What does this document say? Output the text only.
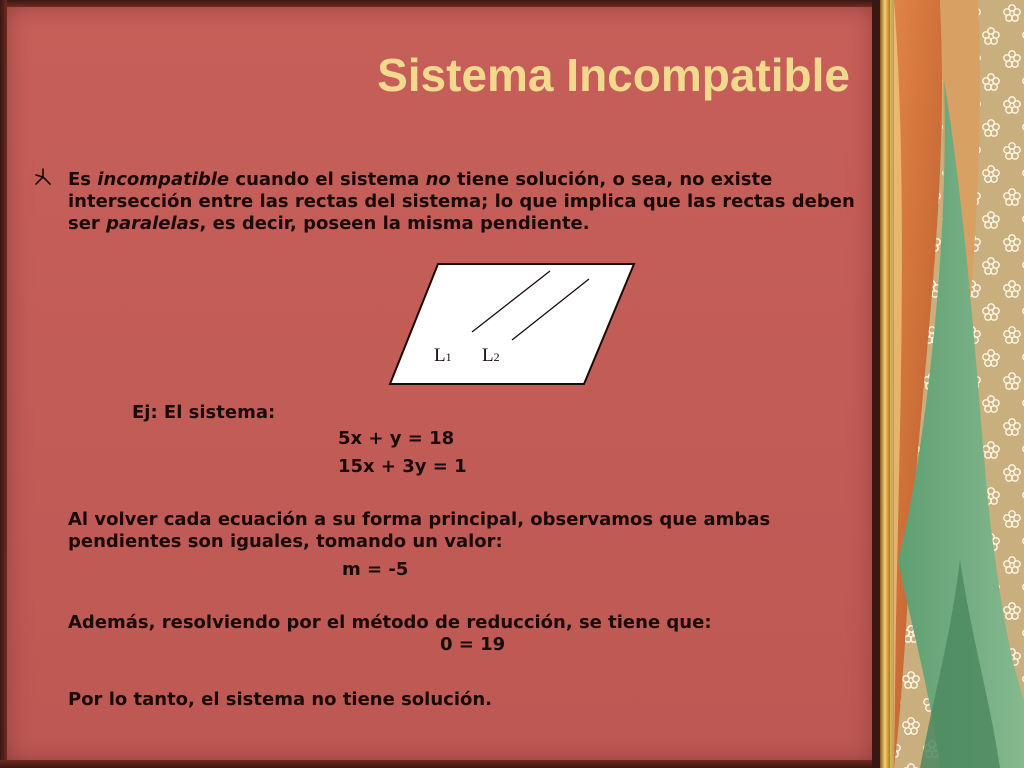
Sistema Incompatible

Es incompatible cuando el sistema no tiene solución, o sea, no existe intersección entre las rectas del sistema; lo que implica que las rectas deben ser paralelas, es decir, poseen la misma pendiente.

L1 L2

Ej: El sistema:

5x + y = 18

15x + 3y = 1

Al volver cada ecuación a su forma principal, observamos que ambas pendientes son iguales, tomando un valor:

m = -5

Además, resolviendo por el método de reducción, se tiene que:

0 = 19

Por lo tanto, el sistema no tiene solución.
